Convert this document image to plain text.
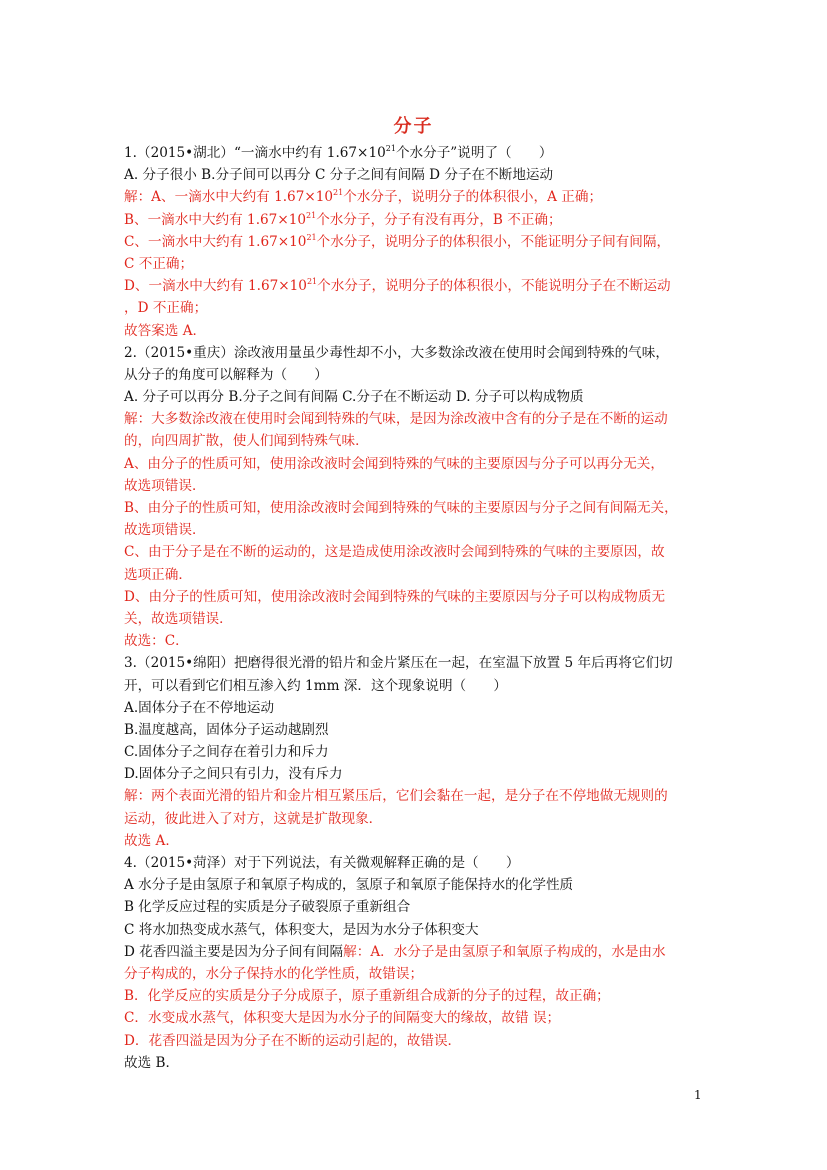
分子
1.（2015•湖北）“一滴水中约有 $1.67\times 10^{21}$个水分子”说明了（　　）
A. 分子很小 B.分子间可以再分 C 分子之间有间隔 D 分子在不断地运动
解：A、一滴水中大约有 $1.67\times 10^{21}$个水分子，说明分子的体积很小，A 正确；
B、一滴水中大约有 $1.67\times 10^{21}$个水分子，分子有没有再分，B 不正确；
C、一滴水中大约有 $1.67\times 10^{21}$个水分子，说明分子的体积很小，不能证明分子间有间隔，
C 不正确；
D、一滴水中大约有 $1.67\times 10^{21}$个水分子，说明分子的体积很小，不能说明分子在不断运动
，D 不正确；
故答案选 A．
2.（2015•重庆）涂改液用量虽少毒性却不小，大多数涂改液在使用时会闻到特殊的气味，
从分子的角度可以解释为（　　）
A. 分子可以再分 B.分子之间有间隔 C.分子在不断运动 D. 分子可以构成物质
解：大多数涂改液在使用时会闻到特殊的气味，是因为涂改液中含有的分子是在不断的运动
的，向四周扩散，使人们闻到特殊气味．
A、由分子的性质可知，使用涂改液时会闻到特殊的气味的主要原因与分子可以再分无关，
故选项错误．
B、由分子的性质可知，使用涂改液时会闻到特殊的气味的主要原因与分子之间有间隔无关，
故选项错误．
C、由于分子是在不断的运动的，这是造成使用涂改液时会闻到特殊的气味的主要原因，故
选项正确．
D、由分子的性质可知，使用涂改液时会闻到特殊的气味的主要原因与分子可以构成物质无
关，故选项错误．
故选：C．
3.（2015•绵阳）把磨得很光滑的铅片和金片紧压在一起，在室温下放置 5 年后再将它们切
开，可以看到它们相互渗入约 1mm 深．这个现象说明（　　）
A.固体分子在不停地运动
B.温度越高，固体分子运动越剧烈
C.固体分子之间存在着引力和斥力
D.固体分子之间只有引力，没有斥力
解：两个表面光滑的铅片和金片相互紧压后，它们会黏在一起，是分子在不停地做无规则的
运动，彼此进入了对方，这就是扩散现象．
故选 A．
4.（2015•菏泽）对于下列说法，有关微观解释正确的是（　　）
A 水分子是由氢原子和氧原子构成的，氢原子和氧原子能保持水的化学性质
B 化学反应过程的实质是分子破裂原子重新组合
C 将水加热变成水蒸气，体积变大，是因为水分子体积变大
D 花香四溢主要是因为分子间有间隔解：A．水分子是由氢原子和氧原子构成的，水是由水
分子构成的，水分子保持水的化学性质，故错误；
B．化学反应的实质是分子分成原子，原子重新组合成新的分子的过程，故正确；
C．水变成水蒸气，体积变大是因为水分子的间隔变大的缘故，故错 误；
D．花香四溢是因为分子在不断的运动引起的，故错误．
故选 B．
1
